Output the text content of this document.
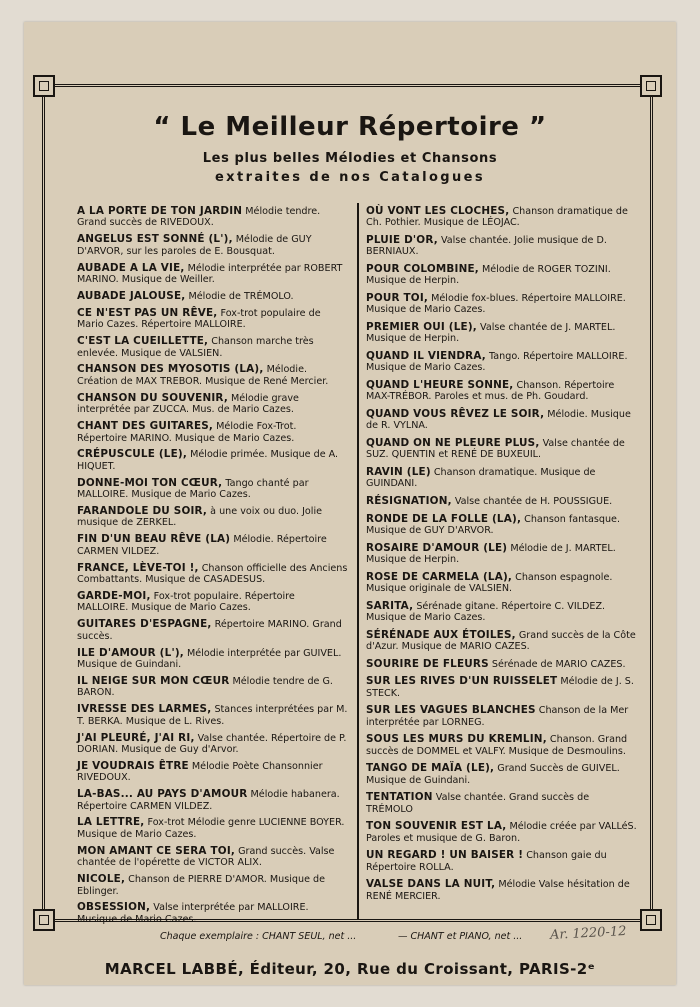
“ Le Meilleur Répertoire ”
Les plus belles Mélodies et Chansons
extraites de nos Catalogues
A LA PORTE DE TON JARDIN Mélodie tendre. Grand succès de RIVEDOUX.
ANGELUS EST SONNÉ (L'), Mélodie de GUY D'ARVOR, sur les paroles de E. Bousquat.
AUBADE A LA VIE, Mélodie interprétée par ROBERT MARINO. Musique de Weiller.
AUBADE JALOUSE, Mélodie de TRÉMOLO.
CE N'EST PAS UN RÊVE, Fox-trot populaire de Mario Cazes. Répertoire MALLOIRE.
C'EST LA CUEILLETTE, Chanson marche très enlevée. Musique de VALSIEN.
CHANSON DES MYOSOTIS (LA), Mélodie. Création de MAX TREBOR. Musique de René Mercier.
CHANSON DU SOUVENIR, Mélodie grave interprétée par ZUCCA. Mus. de Mario Cazes.
CHANT DES GUITARES, Mélodie Fox-Trot. Répertoire MARINO. Musique de Mario Cazes.
CRÉPUSCULE (LE), Mélodie primée. Musique de A. HIQUET.
DONNE-MOI TON CŒUR, Tango chanté par MALLOIRE. Musique de Mario Cazes.
FARANDOLE DU SOIR, à une voix ou duo. Jolie musique de ZERKEL.
FIN D'UN BEAU RÊVE (LA) Mélodie. Répertoire CARMEN VILDEZ.
FRANCE, LÈVE-TOI !, Chanson officielle des Anciens Combattants. Musique de CASADESUS.
GARDE-MOI, Fox-trot populaire. Répertoire MALLOIRE. Musique de Mario Cazes.
GUITARES D'ESPAGNE, Répertoire MARINO. Grand succès.
ILE D'AMOUR (L'), Mélodie interprétée par GUIVEL. Musique de Guindani.
IL NEIGE SUR MON CŒUR Mélodie tendre de G. BARON.
IVRESSE DES LARMES, Stances interprétées par M. T. BERKA. Musique de L. Rives.
J'AI PLEURÉ, J'AI RI, Valse chantée. Répertoire de P. DORIAN. Musique de Guy d'Arvor.
JE VOUDRAIS ÊTRE Mélodie Poète Chansonnier RIVEDOUX.
LA-BAS... AU PAYS D'AMOUR Mélodie habanera. Répertoire CARMEN VILDEZ.
LA LETTRE, Fox-trot Mélodie genre LUCIENNE BOYER. Musique de Mario Cazes.
MON AMANT CE SERA TOI, Grand succès. Valse chantée de l'opérette de VICTOR ALIX.
NICOLE, Chanson de PIERRE D'AMOR. Musique de Eblinger.
OBSESSION, Valse interprétée par MALLOIRE. Musique de Mario Cazes.
OÙ VONT LES CLOCHES, Chanson dramatique de Ch. Pothier. Musique de LÉOJAC.
PLUIE D'OR, Valse chantée. Jolie musique de D. BERNIAUX.
POUR COLOMBINE, Mélodie de ROGER TOZINI. Musique de Herpin.
POUR TOI, Mélodie fox-blues. Répertoire MALLOIRE. Musique de Mario Cazes.
PREMIER OUI (LE), Valse chantée de J. MARTEL. Musique de Herpin.
QUAND IL VIENDRA, Tango. Répertoire MALLOIRE. Musique de Mario Cazes.
QUAND L'HEURE SONNE, Chanson. Répertoire MAX-TRÉBOR. Paroles et mus. de Ph. Goudard.
QUAND VOUS RÊVEZ LE SOIR, Mélodie. Musique de R. VYLNA.
QUAND ON NE PLEURE PLUS, Valse chantée de SUZ. QUENTIN et RENÉ DE BUXEUIL.
RAVIN (LE) Chanson dramatique. Musique de GUINDANI.
RÉSIGNATION, Valse chantée de H. POUSSIGUE.
RONDE DE LA FOLLE (LA), Chanson fantasque. Musique de GUY D'ARVOR.
ROSAIRE D'AMOUR (LE) Mélodie de J. MARTEL. Musique de Herpin.
ROSE DE CARMELA (LA), Chanson espagnole. Musique originale de VALSIEN.
SARITA, Sérénade gitane. Répertoire C. VILDEZ. Musique de Mario Cazes.
SÉRÉNADE AUX ÉTOILES, Grand succès de la Côte d'Azur. Musique de MARIO CAZES.
SOURIRE DE FLEURS Sérénade de MARIO CAZES.
SUR LES RIVES D'UN RUISSELET Mélodie de J. S. STECK.
SUR LES VAGUES BLANCHES Chanson de la Mer interprétée par LORNEG.
SOUS LES MURS DU KREMLIN, Chanson. Grand succès de DOMMEL et VALFY. Musique de Desmoulins.
TANGO DE MAÏA (LE), Grand Succès de GUIVEL. Musique de Guindani.
TENTATION Valse chantée. Grand succès de TRÉMOLO
TON SOUVENIR EST LA, Mélodie créée par VALLéS. Paroles et musique de G. Baron.
UN REGARD ! UN BAISER ! Chanson gaie du Répertoire ROLLA.
VALSE DANS LA NUIT, Mélodie Valse hésitation de RENÉ MERCIER.
Chaque exemplaire : CHANT SEUL, net ...	— CHANT et PIANO, net ... Ar. 1220-12
MARCEL LABBÉ, Éditeur, 20, Rue du Croissant, PARIS-2ᵉ
